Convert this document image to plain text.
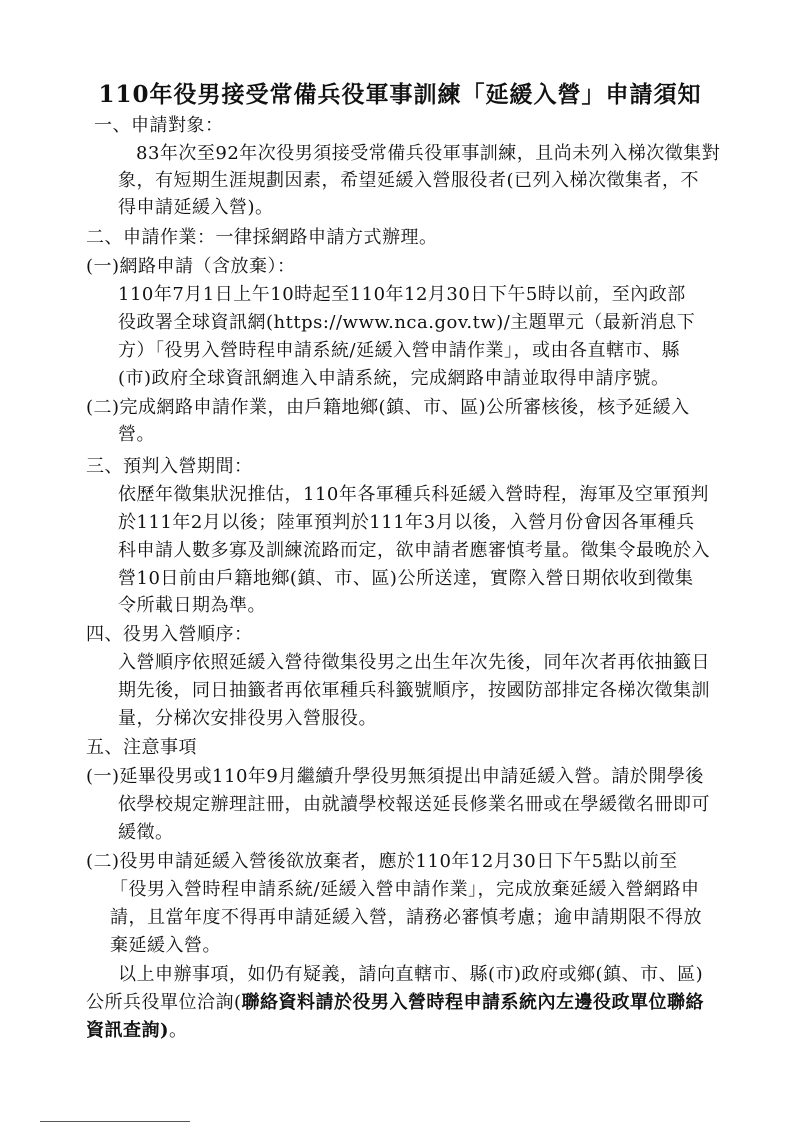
110年役男接受常備兵役軍事訓練「延緩入營」申請須知

一、申請對象：

83年次至92年次役男須接受常備兵役軍事訓練，且尚未列入梯次徵集對

象，有短期生涯規劃因素，希望延緩入營服役者(已列入梯次徵集者，不

得申請延緩入營)。

二、申請作業：一律採網路申請方式辦理。

(一)網路申請（含放棄）：

110年7月1日上午10時起至110年12月30日下午5時以前，至內政部

役政署全球資訊網(https://www.nca.gov.tw)/主題單元（最新消息下

方）「役男入營時程申請系統/延緩入營申請作業」，或由各直轄市、縣

(市)政府全球資訊網進入申請系統，完成網路申請並取得申請序號。

(二)完成網路申請作業，由戶籍地鄉(鎮、市、區)公所審核後，核予延緩入

營。

三、預判入營期間：

依歷年徵集狀況推估，110年各軍種兵科延緩入營時程，海軍及空軍預判

於111年2月以後；陸軍預判於111年3月以後，入營月份會因各軍種兵

科申請人數多寡及訓練流路而定，欲申請者應審慎考量。徵集令最晚於入

營10日前由戶籍地鄉(鎮、市、區)公所送達，實際入營日期依收到徵集

令所載日期為準。

四、役男入營順序：

入營順序依照延緩入營待徵集役男之出生年次先後，同年次者再依抽籤日

期先後，同日抽籤者再依軍種兵科籤號順序，按國防部排定各梯次徵集訓

量，分梯次安排役男入營服役。

五、注意事項

(一)延畢役男或110年9月繼續升學役男無須提出申請延緩入營。請於開學後

依學校規定辦理註冊，由就讀學校報送延長修業名冊或在學緩徵名冊即可

緩徵。

(二)役男申請延緩入營後欲放棄者，應於110年12月30日下午5點以前至

「役男入營時程申請系統/延緩入營申請作業」，完成放棄延緩入營網路申

請，且當年度不得再申請延緩入營，請務必審慎考慮；逾申請期限不得放

棄延緩入營。

以上申辦事項，如仍有疑義，請向直轄市、縣(市)政府或鄉(鎮、市、區)

公所兵役單位洽詢(聯絡資料請於役男入營時程申請系統內左邊役政單位聯絡

資訊查詢)。
